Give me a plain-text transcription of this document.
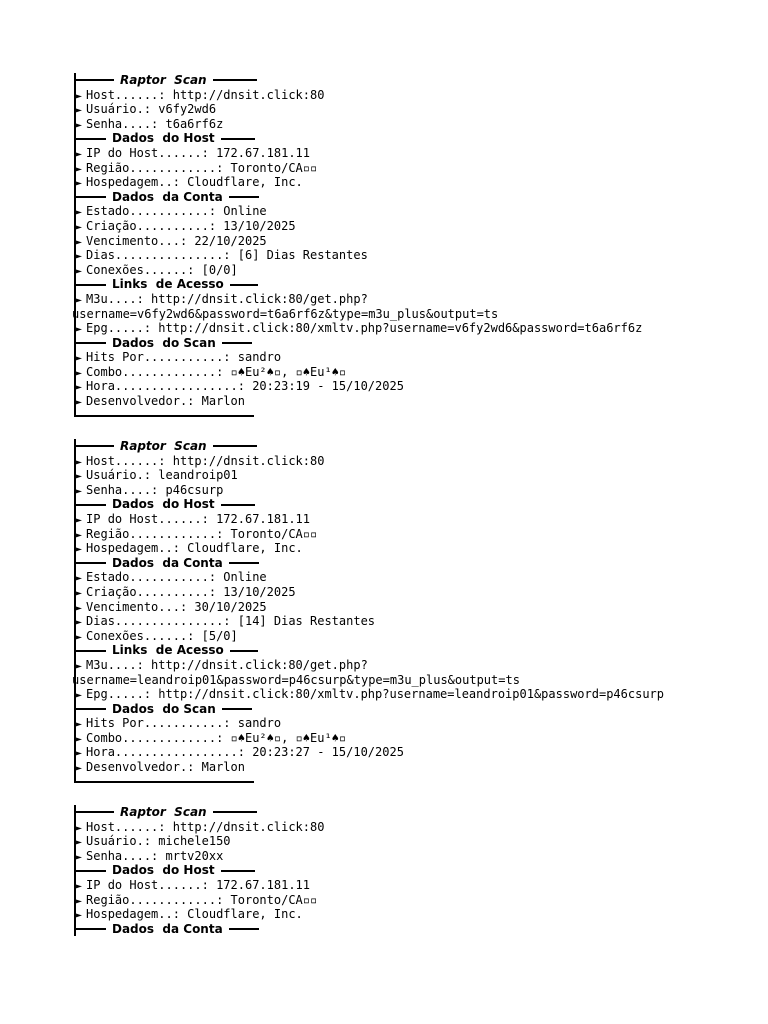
Raptor  Scan
► Host......: http://dnsit.click:80
► Usuário.: v6fy2wd6
► Senha....: t6a6rf6z
Dados  do Host
► IP do Host......: 172.67.181.11
► Região............: Toronto/CA▫▫
► Hospedagem..: Cloudflare, Inc.
Dados  da Conta
► Estado...........: Online
► Criação..........: 13/10/2025
► Vencimento...: 22/10/2025
► Dias...............: [6] Dias Restantes
► Conexões......: [0/0]
Links  de Acesso
► M3u....: http://dnsit.click:80/get.php?
username=v6fy2wd6&password=t6a6rf6z&type=m3u_plus&output=ts
► Epg.....: http://dnsit.click:80/xmltv.php?username=v6fy2wd6&password=t6a6rf6z
Dados  do Scan
► Hits Por...........: sandro
► Combo.............: ▫♠Eu²♠▫, ▫♠Eu¹♠▫
► Hora.................: 20:23:19 - 15/10/2025
► Desenvolvedor.: Marlon
Raptor  Scan
► Host......: http://dnsit.click:80
► Usuário.: leandroip01
► Senha....: p46csurp
Dados  do Host
► IP do Host......: 172.67.181.11
► Região............: Toronto/CA▫▫
► Hospedagem..: Cloudflare, Inc.
Dados  da Conta
► Estado...........: Online
► Criação..........: 13/10/2025
► Vencimento...: 30/10/2025
► Dias...............: [14] Dias Restantes
► Conexões......: [5/0]
Links  de Acesso
► M3u....: http://dnsit.click:80/get.php?
username=leandroip01&password=p46csurp&type=m3u_plus&output=ts
► Epg.....: http://dnsit.click:80/xmltv.php?username=leandroip01&password=p46csurp
Dados  do Scan
► Hits Por...........: sandro
► Combo.............: ▫♠Eu²♠▫, ▫♠Eu¹♠▫
► Hora.................: 20:23:27 - 15/10/2025
► Desenvolvedor.: Marlon
Raptor  Scan
► Host......: http://dnsit.click:80
► Usuário.: michele150
► Senha....: mrtv20xx
Dados  do Host
► IP do Host......: 172.67.181.11
► Região............: Toronto/CA▫▫
► Hospedagem..: Cloudflare, Inc.
Dados  da Conta
